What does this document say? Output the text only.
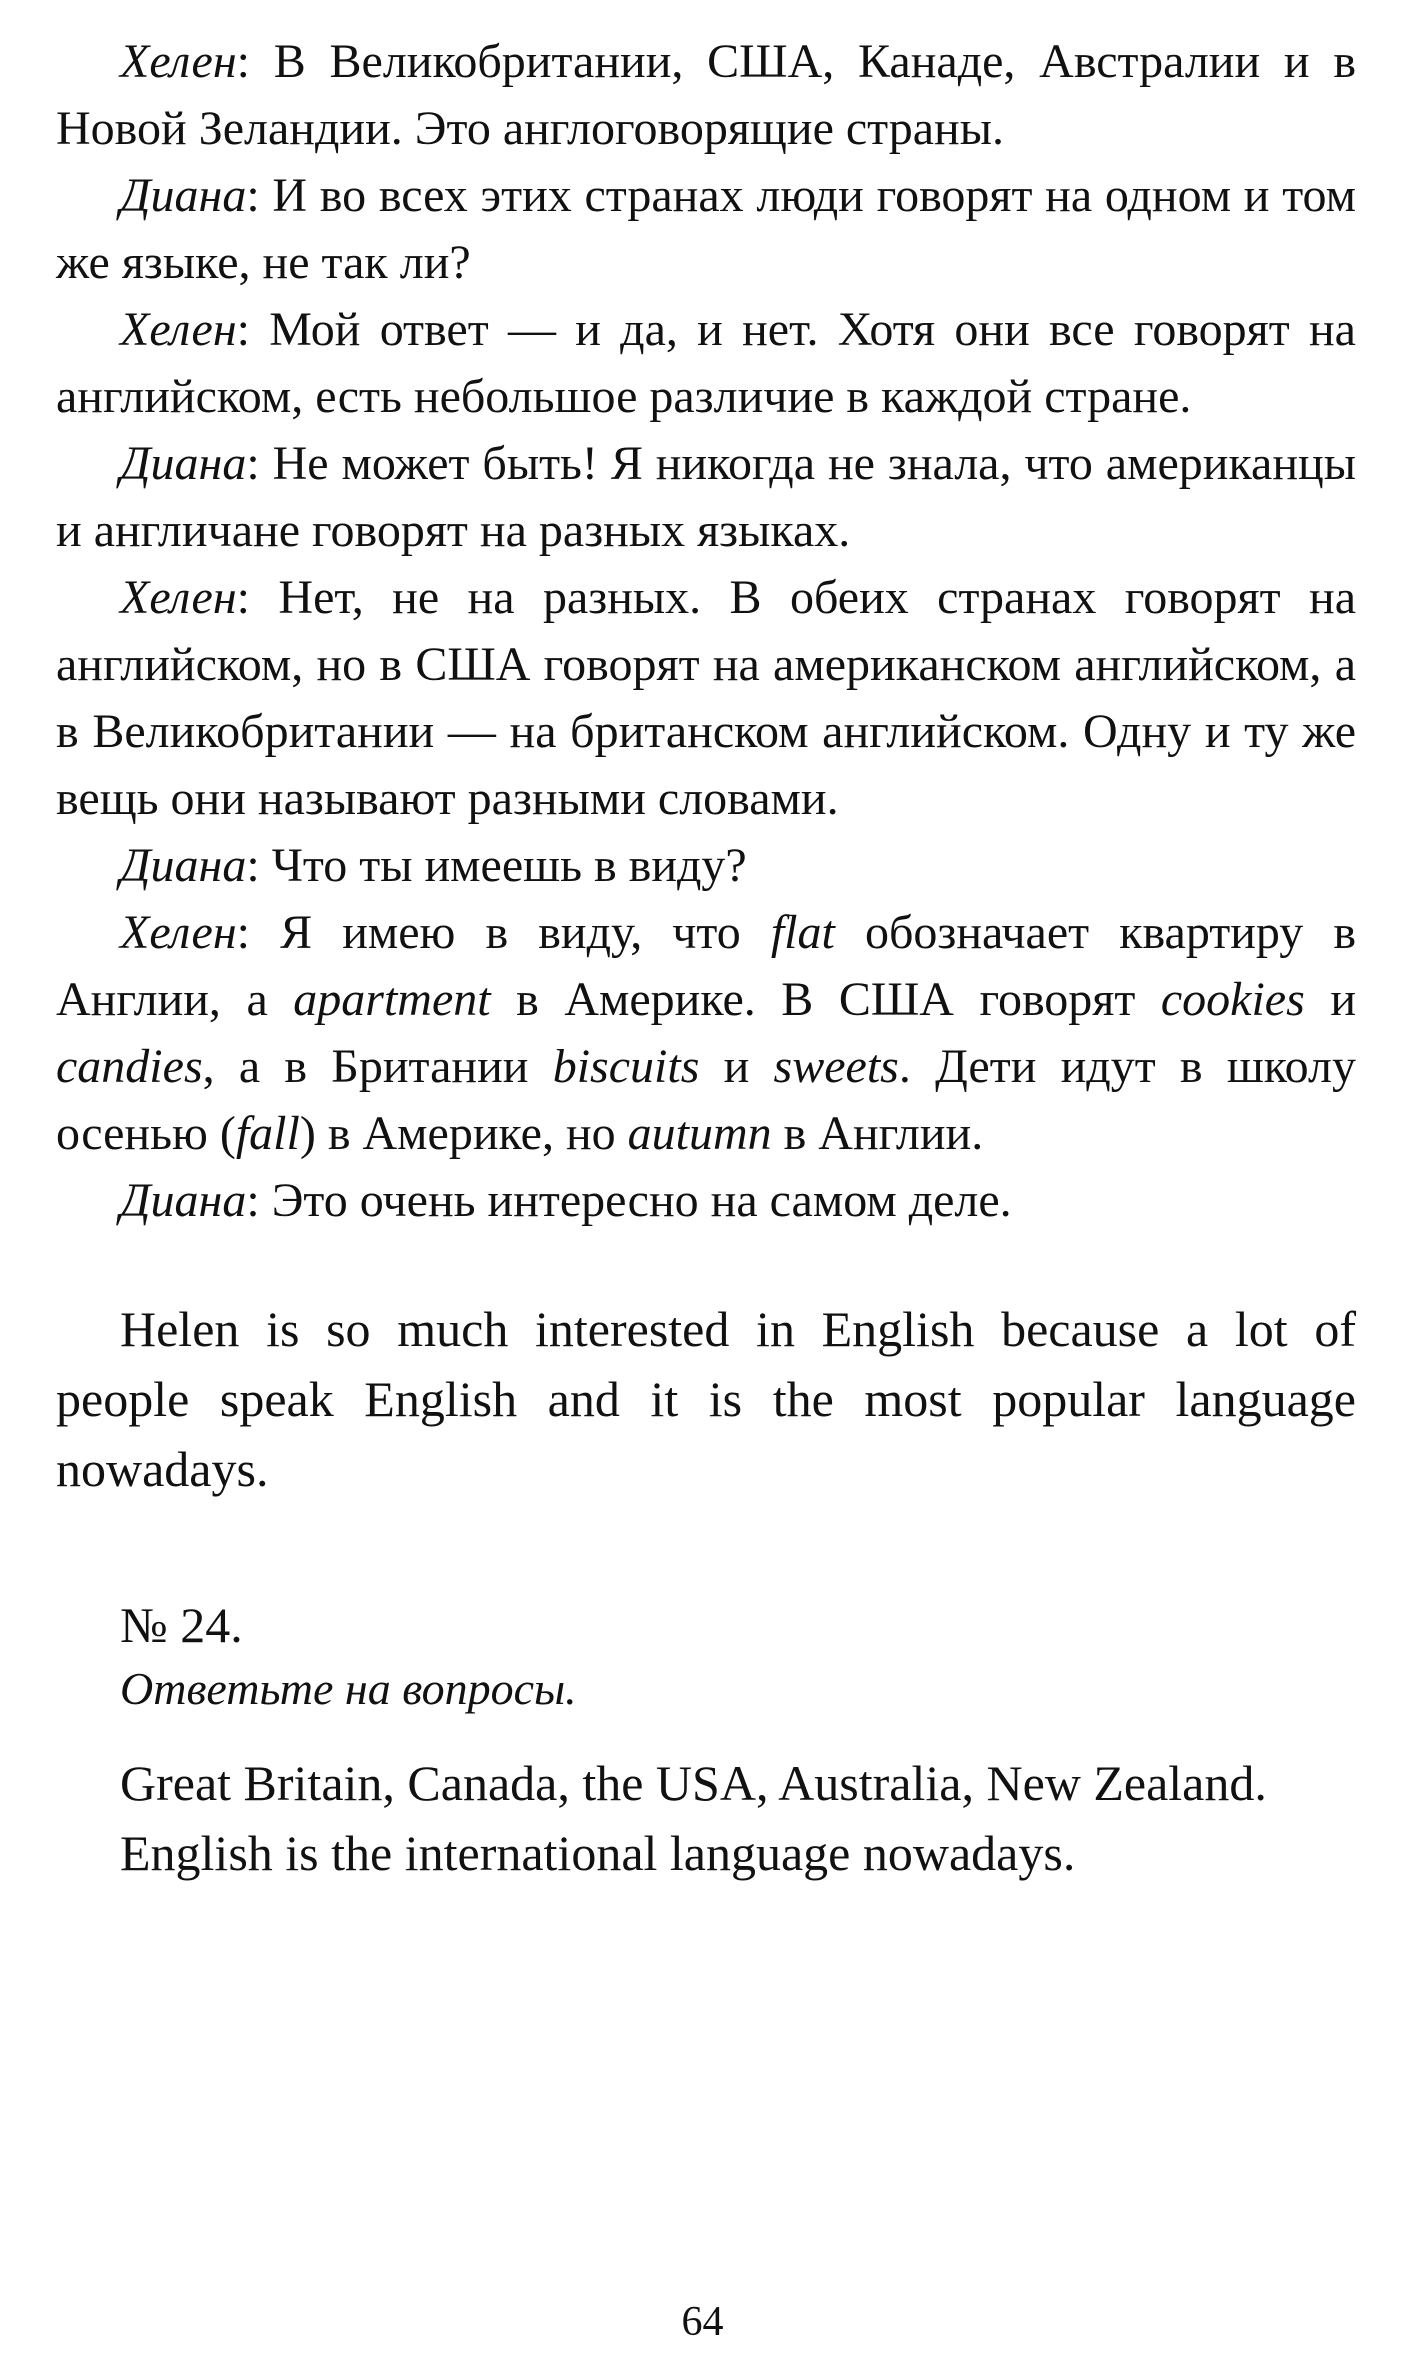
Хелен: В Великобритании, США, Канаде, Австралии и в Новой Зеландии. Это англоговорящие страны.

Диана: И во всех этих странах люди говорят на одном и том же языке, не так ли?

Хелен: Мой ответ — и да, и нет. Хотя они все говорят на английском, есть небольшое различие в каждой стране.

Диана: Не может быть! Я никогда не знала, что американцы и англичане говорят на разных языках.

Хелен: Нет, не на разных. В обеих странах говорят на английском, но в США говорят на американском английском, а в Великобритании — на британском английском. Одну и ту же вещь они называют разными словами.

Диана: Что ты имеешь в виду?

Хелен: Я имею в виду, что flat обозначает квартиру в Англии, а apartment в Америке. В США говорят cookies и candies, а в Британии biscuits и sweets. Дети идут в школу осенью (fall) в Америке, но autumn в Англии.

Диана: Это очень интересно на самом деле.

Helen is so much interested in English because a lot of people speak English and it is the most popular language nowadays.

№ 24.

Ответьте на вопросы.

Great Britain, Canada, the USA, Australia, New Zealand.

English is the international language nowadays.

64
